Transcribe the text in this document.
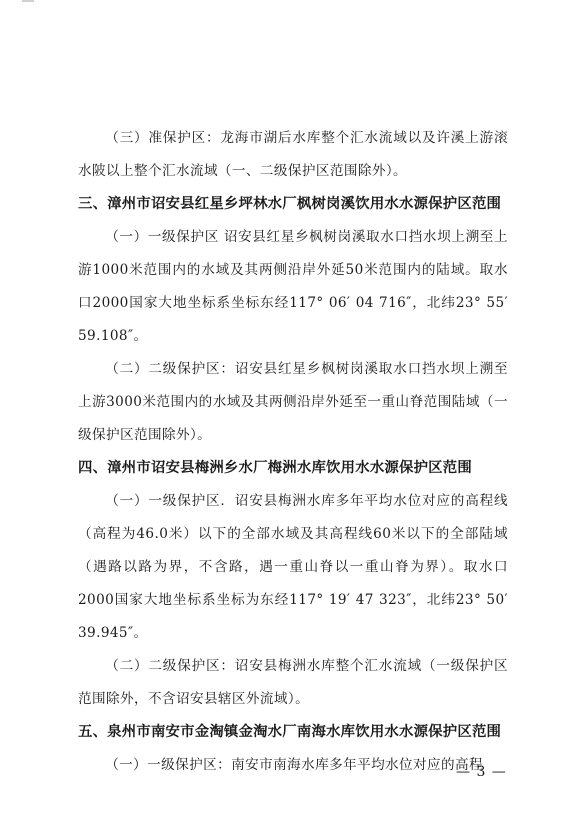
（三）准保护区：龙海市湖后水库整个汇水流域以及许溪上游滚水陂以上整个汇水流域（一、二级保护区范围除外）。

三、漳州市诏安县红星乡坪林水厂枫树岗溪饮用水水源保护区范围

（一）一级保护区 诏安县红星乡枫树岗溪取水口挡水坝上溯至上游1000米范围内的水域及其两侧沿岸外延50米范围内的陆域。取水口2000国家大地坐标系坐标东经117° 06′ 04 716″，北纬23° 55′ 59.108″。

（二）二级保护区：诏安县红星乡枫树岗溪取水口挡水坝上溯至上游3000米范围内的水域及其两侧沿岸外延至一重山脊范围陆域（一级保护区范围除外）。

四、漳州市诏安县梅洲乡水厂梅洲水库饮用水水源保护区范围

（一）一级保护区．诏安县梅洲水库多年平均水位对应的高程线（高程为46.0米）以下的全部水域及其高程线60米以下的全部陆域（遇路以路为界，不含路，遇一重山脊以一重山脊为界）。取水口2000国家大地坐标系坐标为东经117° 19′ 47 323″，北纬23° 50′ 39.945″。

（二）二级保护区：诏安县梅洲水库整个汇水流域（一级保护区范围除外，不含诏安县辖区外流域）。

五、泉州市南安市金淘镇金淘水厂南海水库饮用水水源保护区范围

（一）一级保护区：南安市南海水库多年平均水位对应的高程

— 3 —
